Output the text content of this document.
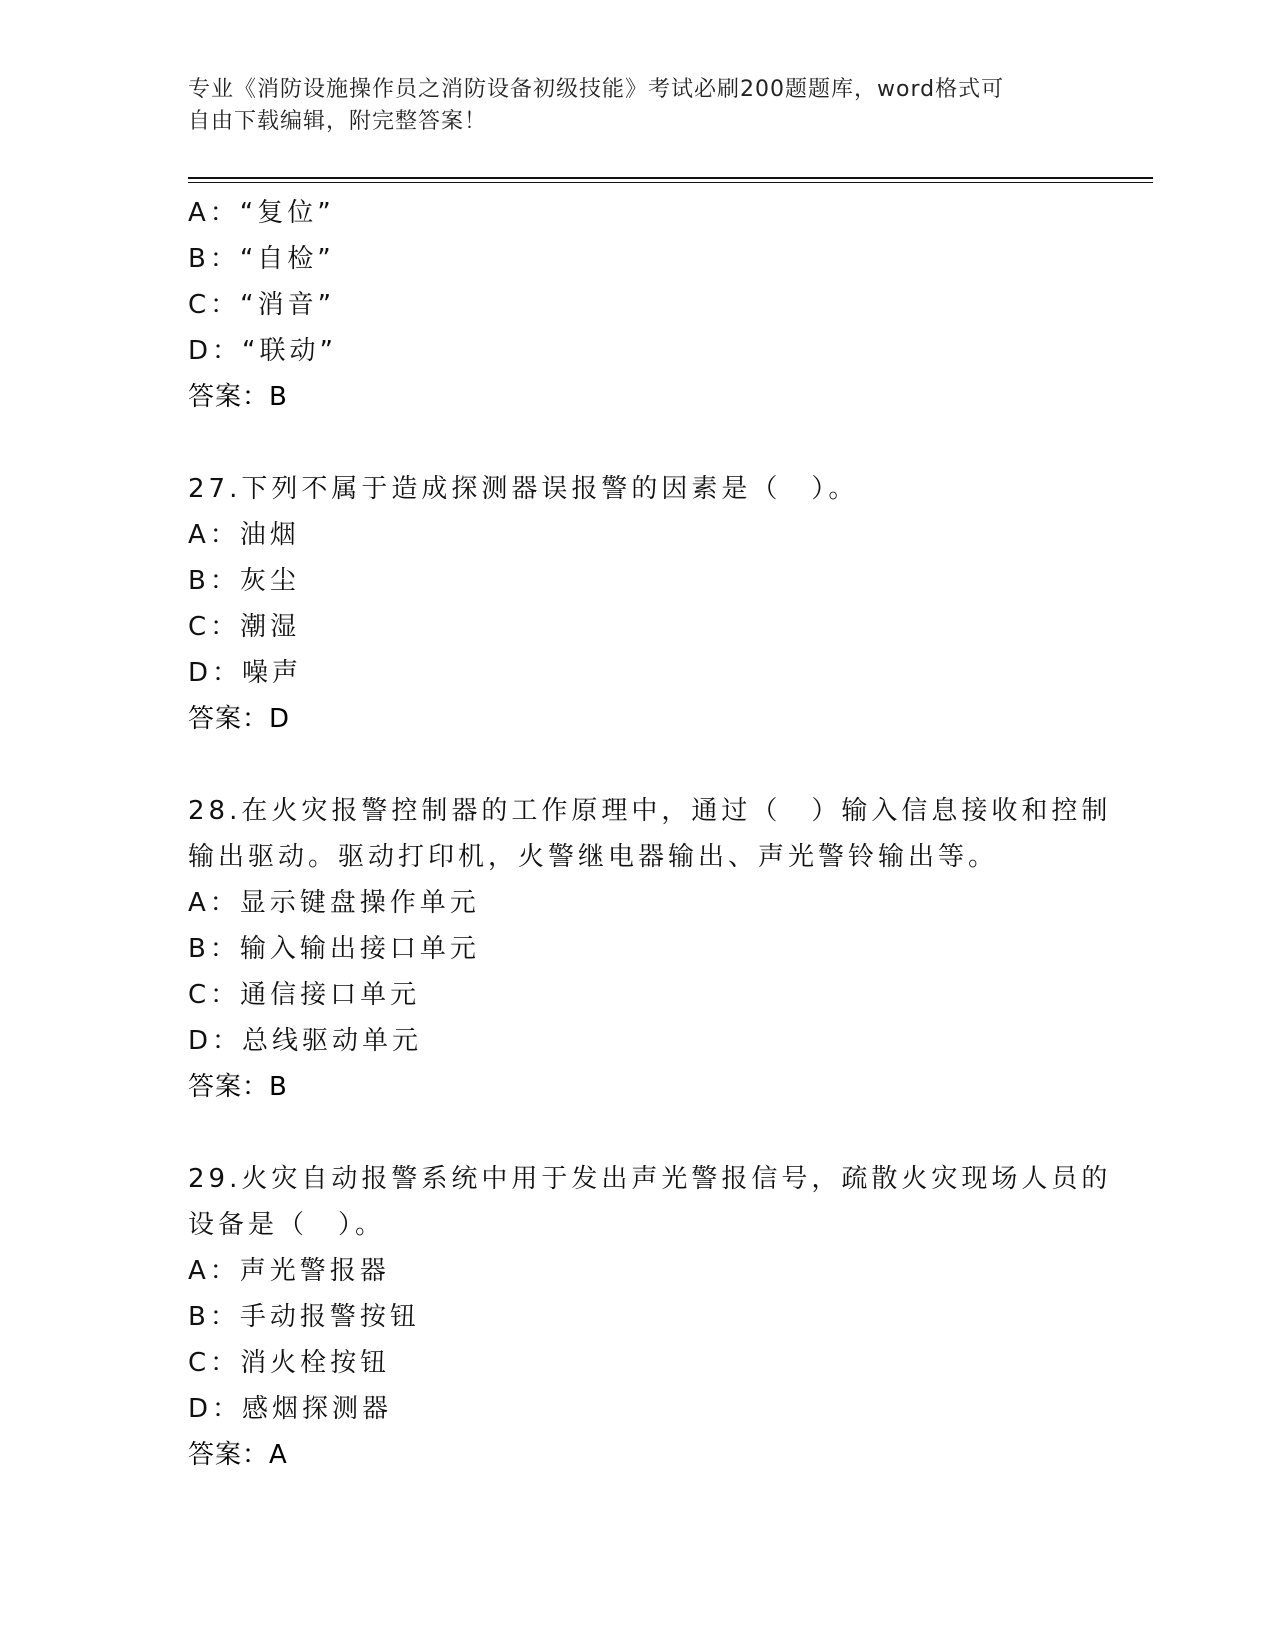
专业《消防设施操作员之消防设备初级技能》考试必刷200题题库，word格式可
自由下载编辑，附完整答案！
A：“复位”
B：“自检”
C：“消音”
D：“联动”
答案：B
27.下列不属于造成探测器误报警的因素是（　）。
A：油烟
B：灰尘
C：潮湿
D：噪声
答案：D
28.在火灾报警控制器的工作原理中，通过（　）输入信息接收和控制
输出驱动。驱动打印机，火警继电器输出、声光警铃输出等。
A：显示键盘操作单元
B：输入输出接口单元
C：通信接口单元
D：总线驱动单元
答案：B
29.火灾自动报警系统中用于发出声光警报信号，疏散火灾现场人员的
设备是（　）。
A：声光警报器
B：手动报警按钮
C：消火栓按钮
D：感烟探测器
答案：A
